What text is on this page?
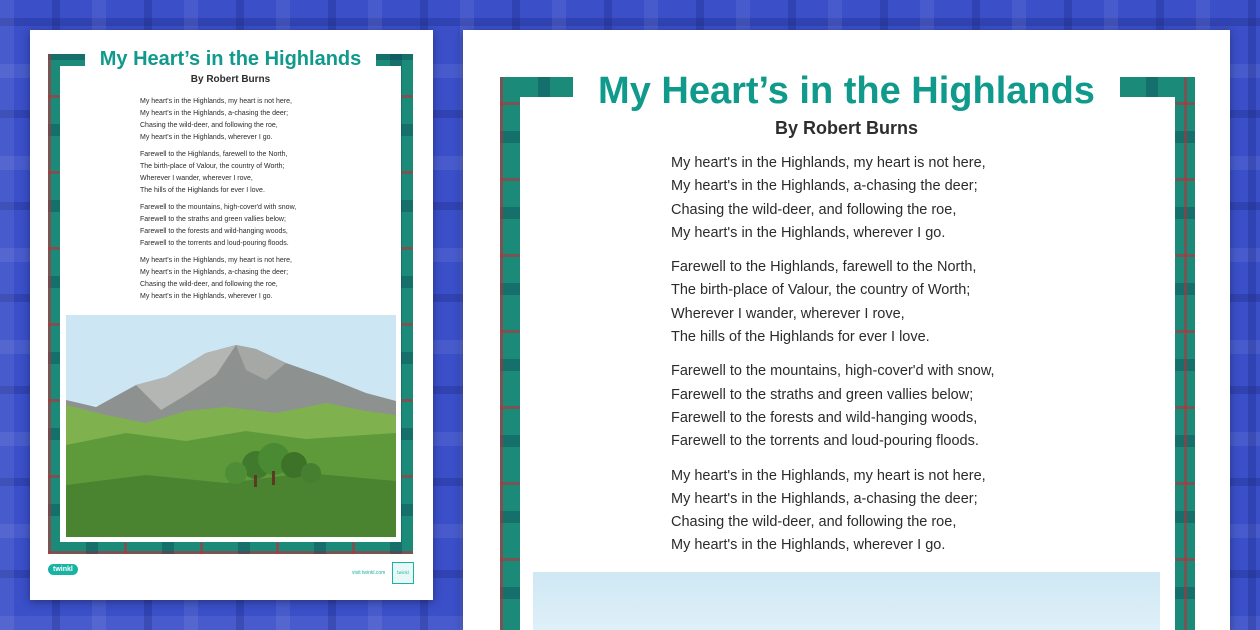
My Heart’s in the Highlands
By Robert Burns
My heart's in the Highlands, my heart is not here,
My heart's in the Highlands, a-chasing the deer;
Chasing the wild-deer, and following the roe,
My heart's in the Highlands, wherever I go.
Farewell to the Highlands, farewell to the North,
The birth-place of Valour, the country of Worth;
Wherever I wander, wherever I rove,
The hills of the Highlands for ever I love.
Farewell to the mountains, high-cover'd with snow,
Farewell to the straths and green vallies below;
Farewell to the forests and wild-hanging woods,
Farewell to the torrents and loud-pouring floods.
My heart's in the Highlands, my heart is not here,
My heart's in the Highlands, a-chasing the deer;
Chasing the wild-deer, and following the roe,
My heart's in the Highlands, wherever I go.
twinkl	visit twinkl.com	twinkl
My Heart’s in the Highlands
By Robert Burns
My heart's in the Highlands, my heart is not here,
My heart's in the Highlands, a-chasing the deer;
Chasing the wild-deer, and following the roe,
My heart's in the Highlands, wherever I go.
Farewell to the Highlands, farewell to the North,
The birth-place of Valour, the country of Worth;
Wherever I wander, wherever I rove,
The hills of the Highlands for ever I love.
Farewell to the mountains, high-cover'd with snow,
Farewell to the straths and green vallies below;
Farewell to the forests and wild-hanging woods,
Farewell to the torrents and loud-pouring floods.
My heart's in the Highlands, my heart is not here,
My heart's in the Highlands, a-chasing the deer;
Chasing the wild-deer, and following the roe,
My heart's in the Highlands, wherever I go.
